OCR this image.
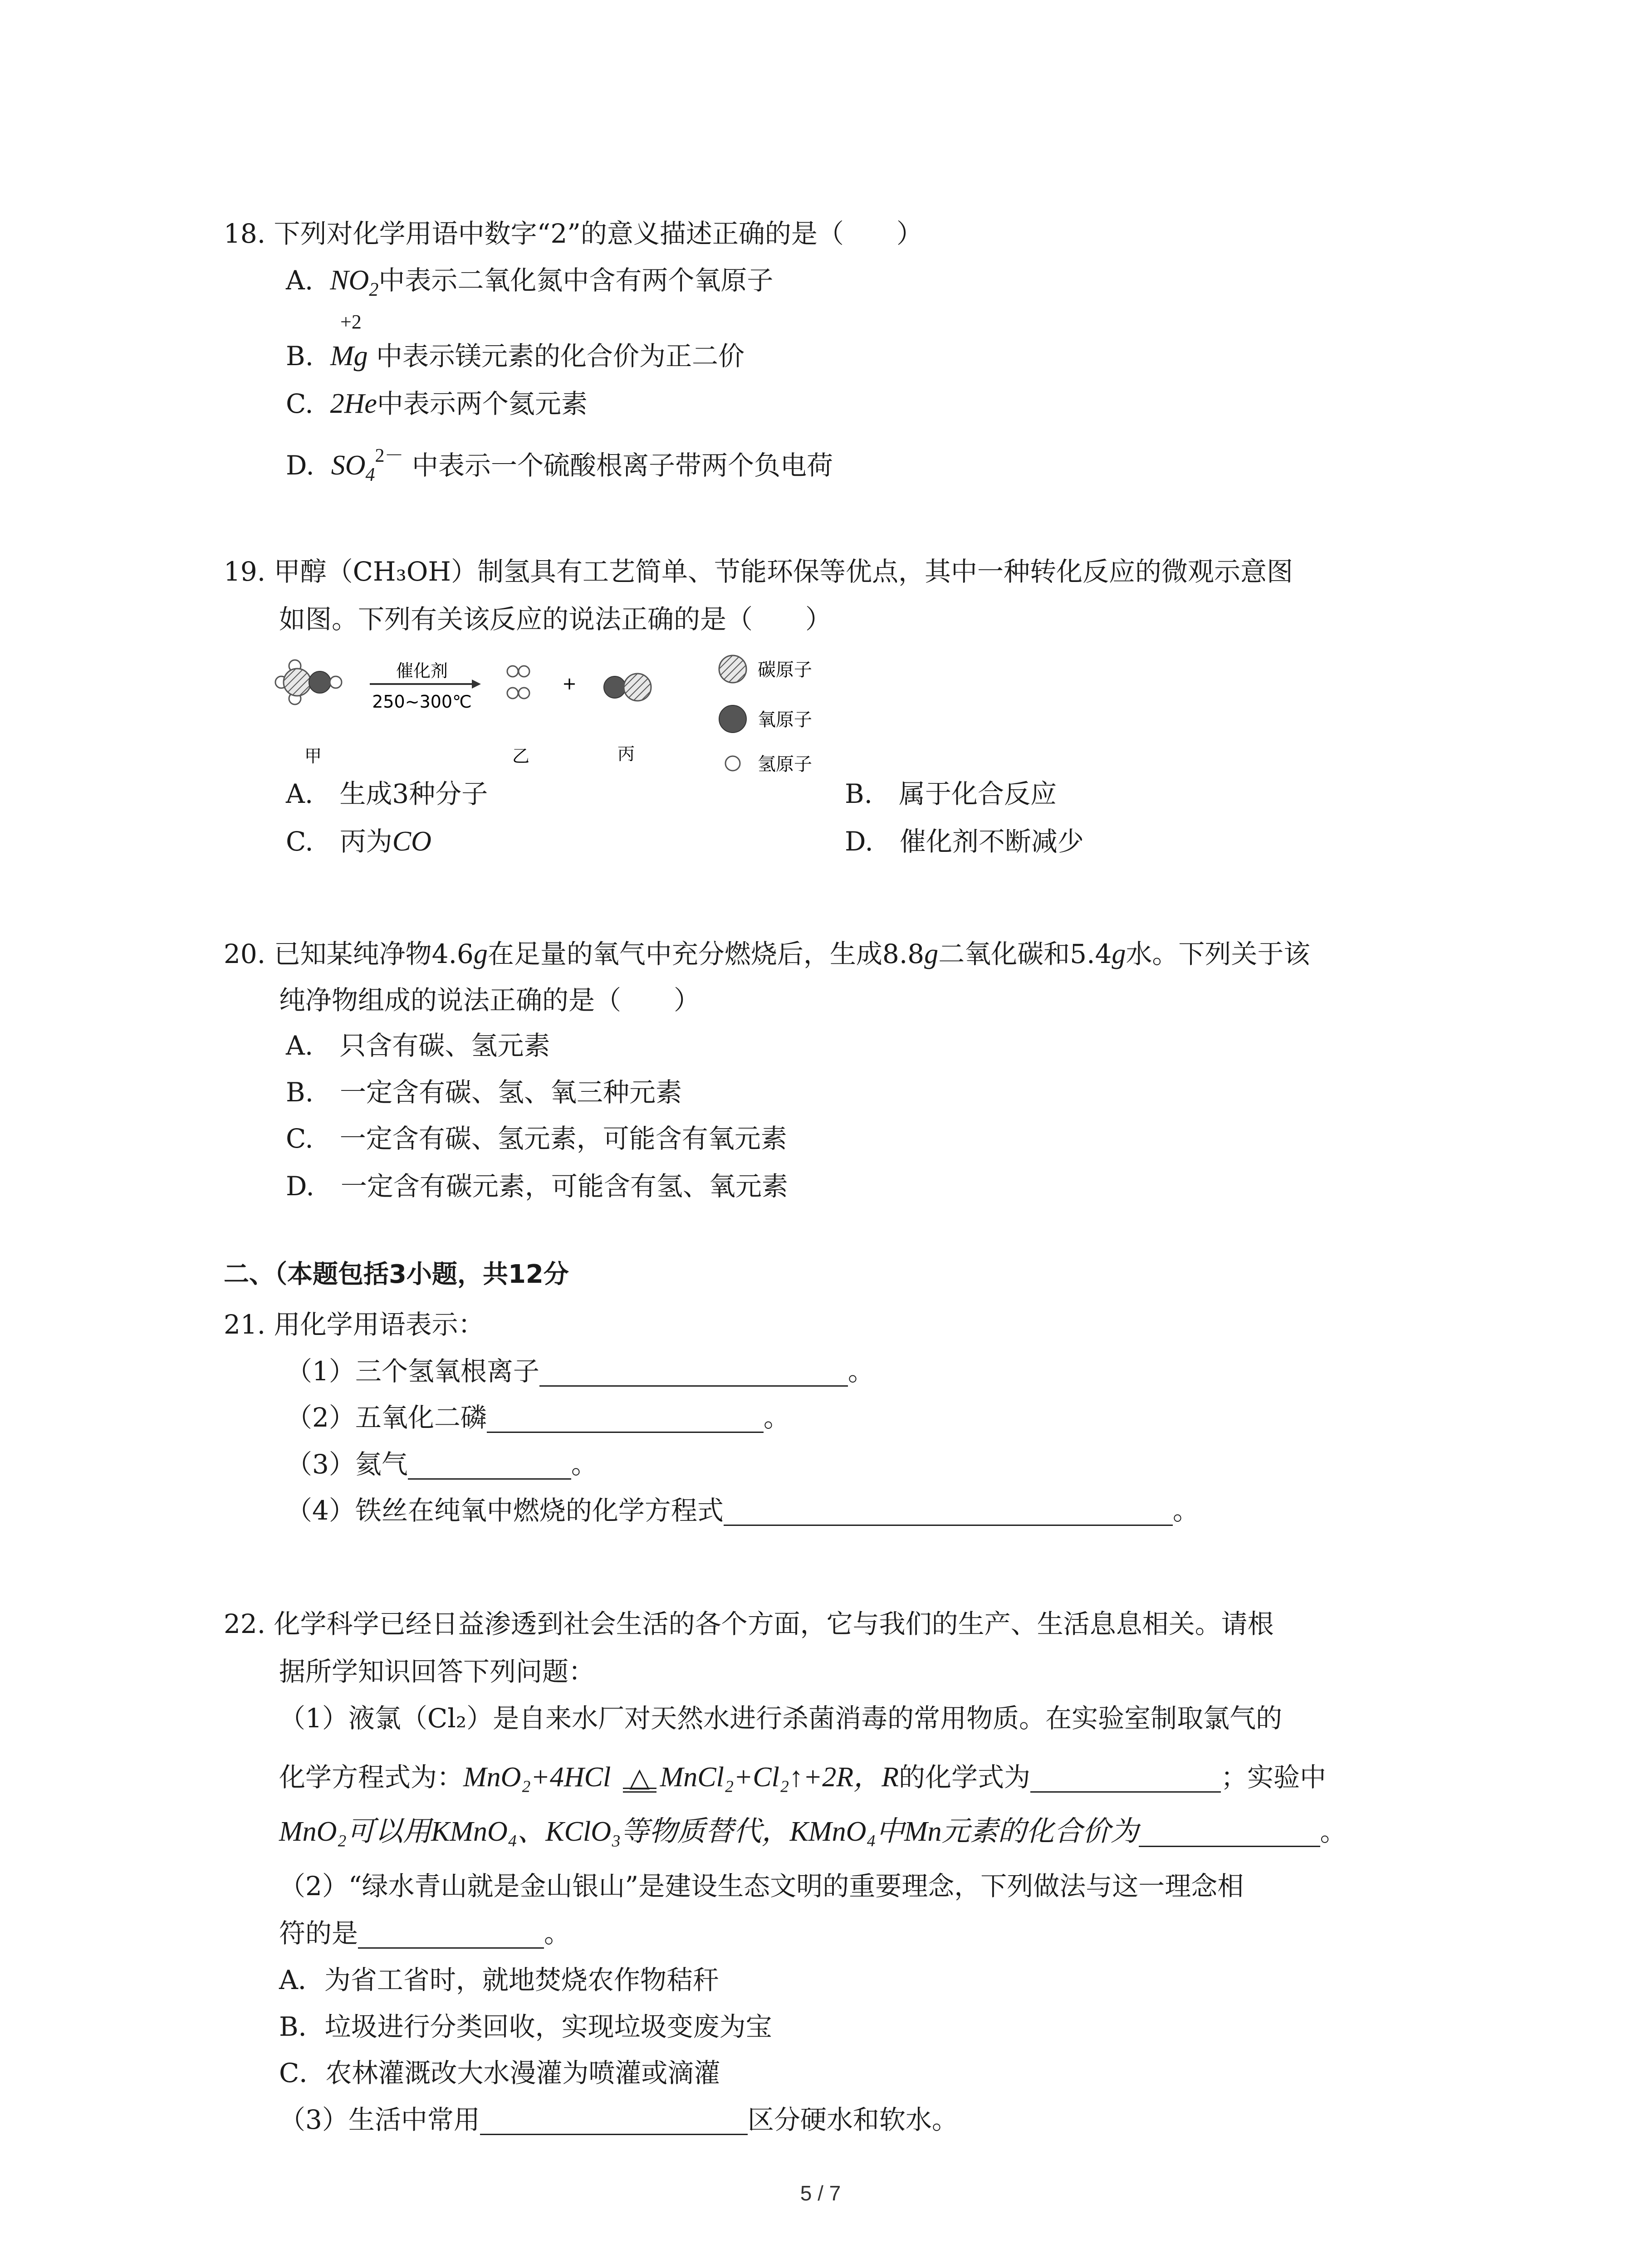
18. 下列对化学用语中数字“2”的意义描述正确的是（　　）
A. $NO_2$中表示二氧化氮中含有两个氧原子
+2
B. Mg 中表示镁元素的化合价为正二价
C. 2He中表示两个氦元素
D. $SO_4^{2-}$ 中表示一个硫酸根离子带两个负电荷
19. 甲醇（CH₃OH）制氢具有工艺简单、节能环保等优点，其中一种转化反应的微观示意图
如图。下列有关该反应的说法正确的是（　　）
催化剂
250~300℃
+
甲	乙	丙
碳原子
氧原子
氢原子
A.　生成3种分子	B.　属于化合反应
C.　丙为CO	D.　催化剂不断减少
20. 已知某纯净物4.6g在足量的氧气中充分燃烧后，生成8.8g二氧化碳和5.4g水。下列关于该
纯净物组成的说法正确的是（　　）
A.　只含有碳、氢元素
B.　一定含有碳、氢、氧三种元素
C.　一定含有碳、氢元素，可能含有氧元素
D.　一定含有碳元素，可能含有氢、氧元素
二、（本题包括3小题，共12分
21. 用化学用语表示：
（1）三个氢氧根离子	。
（2）五氧化二磷	。
（3）氦气	。
（4）铁丝在纯氧中燃烧的化学方程式	。
22. 化学科学已经日益渗透到社会生活的各个方面，它与我们的生产、生活息息相关。请根
据所学知识回答下列问题：
（1）液氯（Cl₂）是自来水厂对天然水进行杀菌消毒的常用物质。在实验室制取氯气的
化学方程式为：MnO₂+4HCl △ MnCl₂+Cl₂↑+2R，R的化学式为	；实验中
MnO₂可以用KMnO₄、KClO₃等物质替代，KMnO₄中Mn元素的化合价为	。
（2）“绿水青山就是金山银山”是建设生态文明的重要理念，下列做法与这一理念相
符的是	。
A．为省工省时，就地焚烧农作物秸秆
B．垃圾进行分类回收，实现垃圾变废为宝
C．农林灌溉改大水漫灌为喷灌或滴灌
（3）生活中常用	区分硬水和软水。
5 / 7
